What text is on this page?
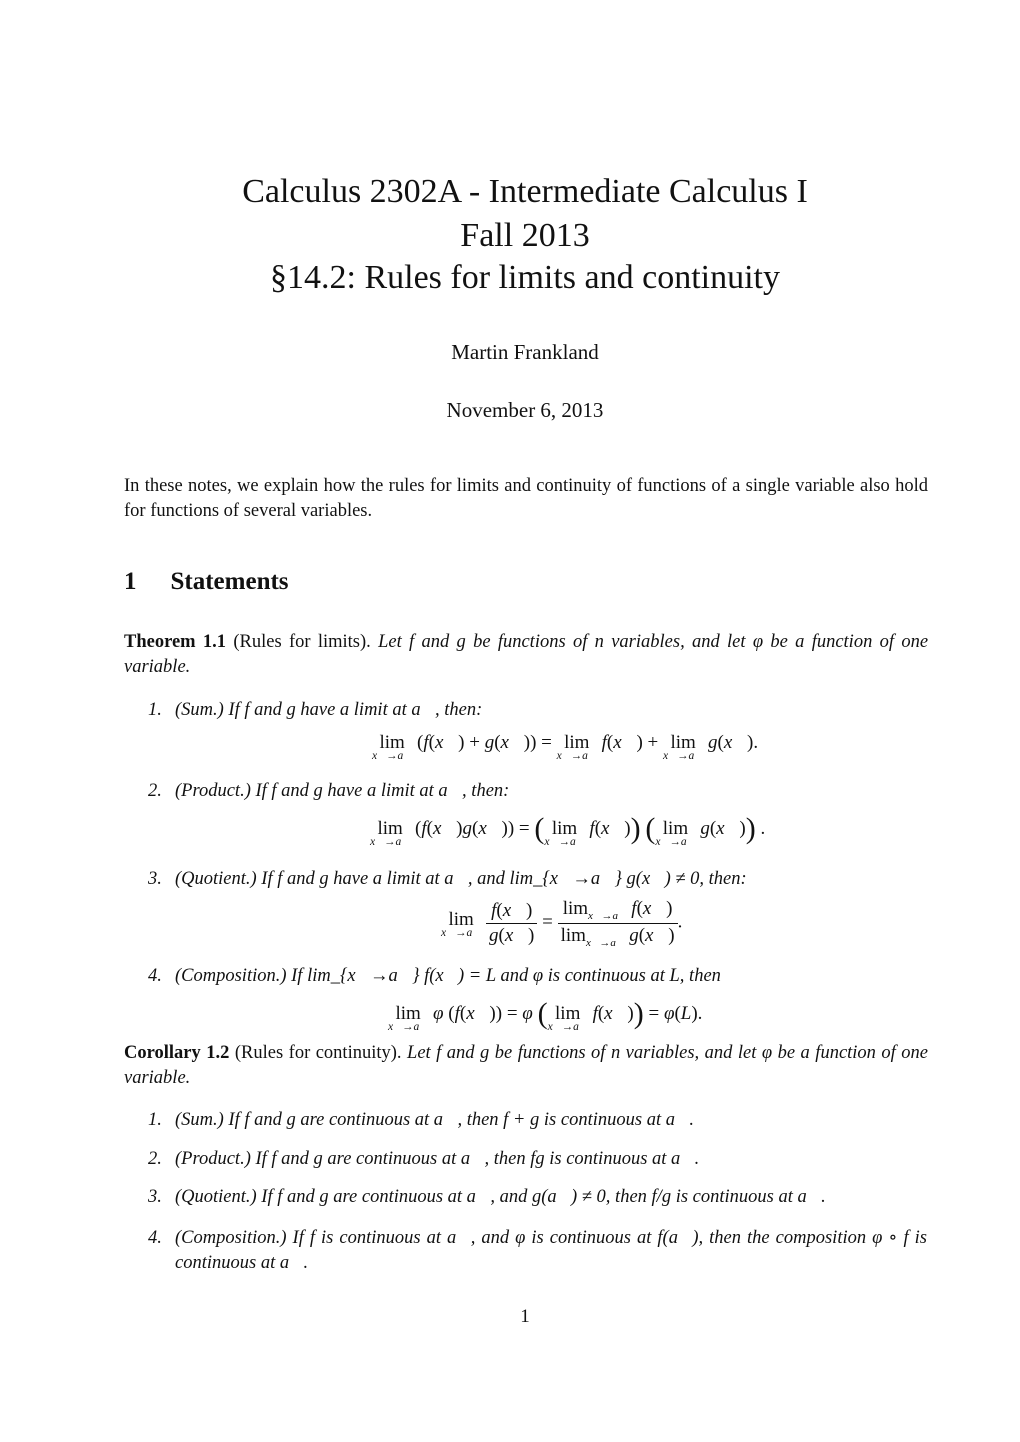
Calculus 2302A - Intermediate Calculus I
Fall 2013
§14.2: Rules for limits and continuity
Martin Frankland
November 6, 2013
In these notes, we explain how the rules for limits and continuity of functions of a single variable also hold for functions of several variables.
1 Statements
Theorem 1.1 (Rules for limits). Let f and g be functions of n variables, and let φ be a function of one variable.
1. (Sum.) If f and g have a limit at a⃗, then:
lim
x⃗→a⃗
(f(x⃗) + g(x⃗)) = lim
x⃗→a⃗
f(x⃗) + lim
x⃗→a⃗
g(x⃗).
2. (Product.) If f and g have a limit at a⃗, then:
lim
x⃗→a⃗
(f(x⃗)g(x⃗)) = ( lim
x⃗→a⃗
f(x⃗)) ( lim
x⃗→a⃗
g(x⃗)) .
3. (Quotient.) If f and g have a limit at a⃗, and lim_{x⃗→a⃗} g(x⃗) ≠ 0, then:
lim
x⃗→a⃗
$\frac{f(x⃗)}{g(x⃗)} = \frac{\lim_{x⃗\to a⃗} f(x⃗)}{\lim_{x⃗\to a⃗} g(x⃗)}$ .
4. (Composition.) If lim_{x⃗→a⃗} f(x⃗) = L and φ is continuous at L, then
lim
x⃗→a⃗
φ (f(x⃗)) = φ ( lim
x⃗→a⃗
f(x⃗)) = φ(L).
Corollary 1.2 (Rules for continuity). Let f and g be functions of n variables, and let φ be a function of one variable.
1. (Sum.) If f and g are continuous at a⃗, then f + g is continuous at a⃗.
2. (Product.) If f and g are continuous at a⃗, then fg is continuous at a⃗.
3. (Quotient.) If f and g are continuous at a⃗, and g(a⃗) ≠ 0, then f/g is continuous at a⃗.
4. (Composition.) If f is continuous at a⃗, and φ is continuous at f(a⃗), then the composition φ ∘ f is continuous at a⃗.
1
